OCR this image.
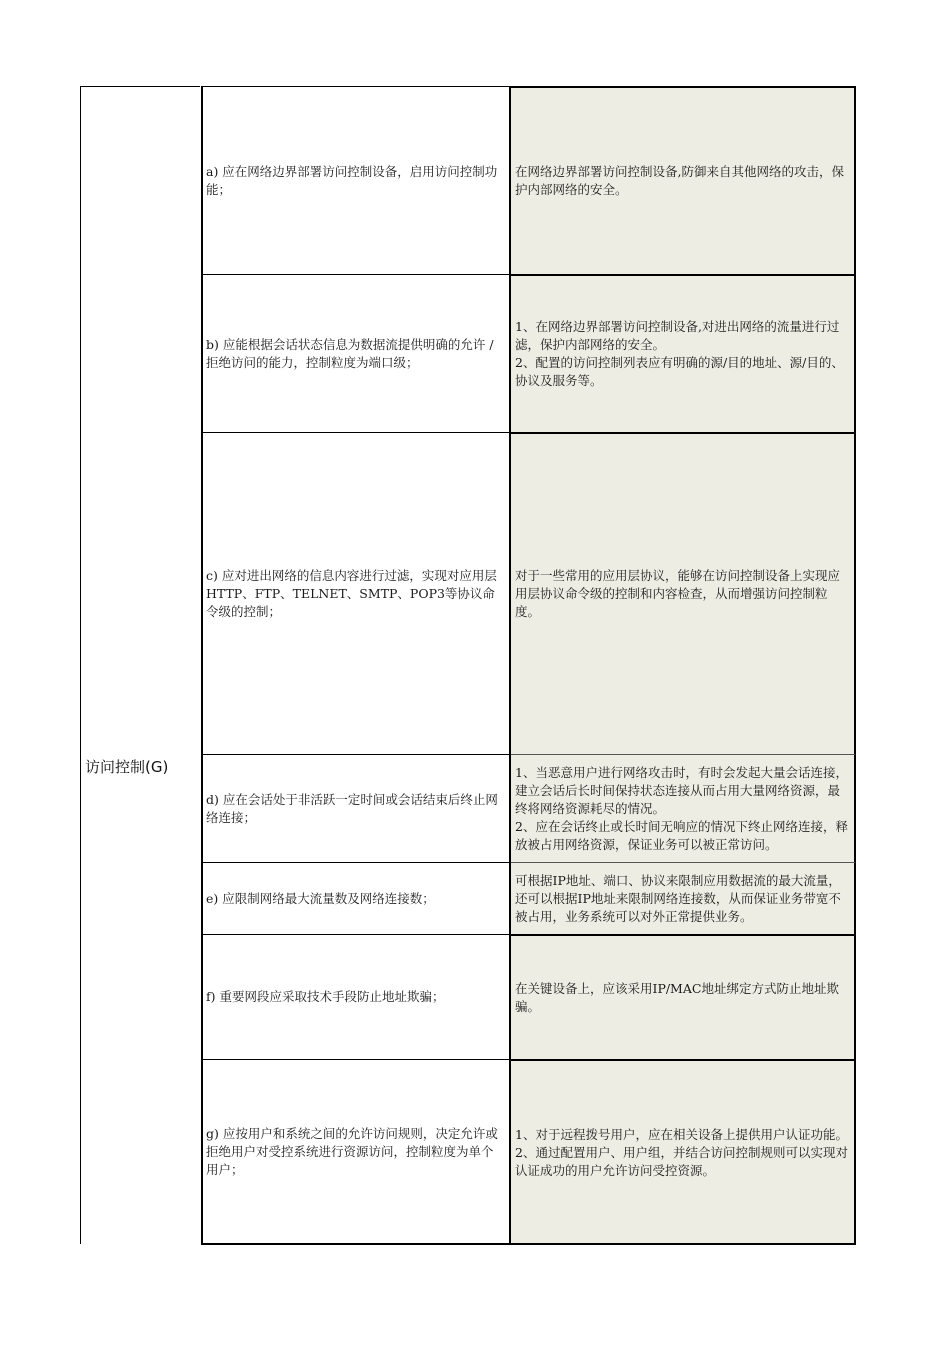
访问控制(G)
a) 应在网络边界部署访问控制设备，启用访问控制功能；
在网络边界部署访问控制设备,防御来自其他网络的攻击，保护内部网络的安全。
b) 应能根据会话状态信息为数据流提供明确的允许 / 拒绝访问的能力，控制粒度为端口级；
1、在网络边界部署访问控制设备,对进出网络的流量进行过滤，保护内部网络的安全。
2、配置的访问控制列表应有明确的源/目的地址、源/目的、协议及服务等。
c) 应对进出网络的信息内容进行过滤，实现对应用层HTTP、FTP、TELNET、SMTP、POP3等协议命令级的控制；
对于一些常用的应用层协议，能够在访问控制设备上实现应用层协议命令级的控制和内容检查，从而增强访问控制粒度。
d) 应在会话处于非活跃一定时间或会话结束后终止网络连接；
1、当恶意用户进行网络攻击时，有时会发起大量会话连接，建立会话后长时间保持状态连接从而占用大量网络资源，最终将网络资源耗尽的情况。
2、应在会话终止或长时间无响应的情况下终止网络连接，释放被占用网络资源，保证业务可以被正常访问。
e) 应限制网络最大流量数及网络连接数；
可根据IP地址、端口、协议来限制应用数据流的最大流量，还可以根据IP地址来限制网络连接数，从而保证业务带宽不被占用，业务系统可以对外正常提供业务。
f) 重要网段应采取技术手段防止地址欺骗；
在关键设备上，应该采用IP/MAC地址绑定方式防止地址欺骗。
g) 应按用户和系统之间的允许访问规则，决定允许或拒绝用户对受控系统进行资源访问，控制粒度为单个用户；
1、对于远程拨号用户，应在相关设备上提供用户认证功能。
2、通过配置用户、用户组，并结合访问控制规则可以实现对认证成功的用户允许访问受控资源。
